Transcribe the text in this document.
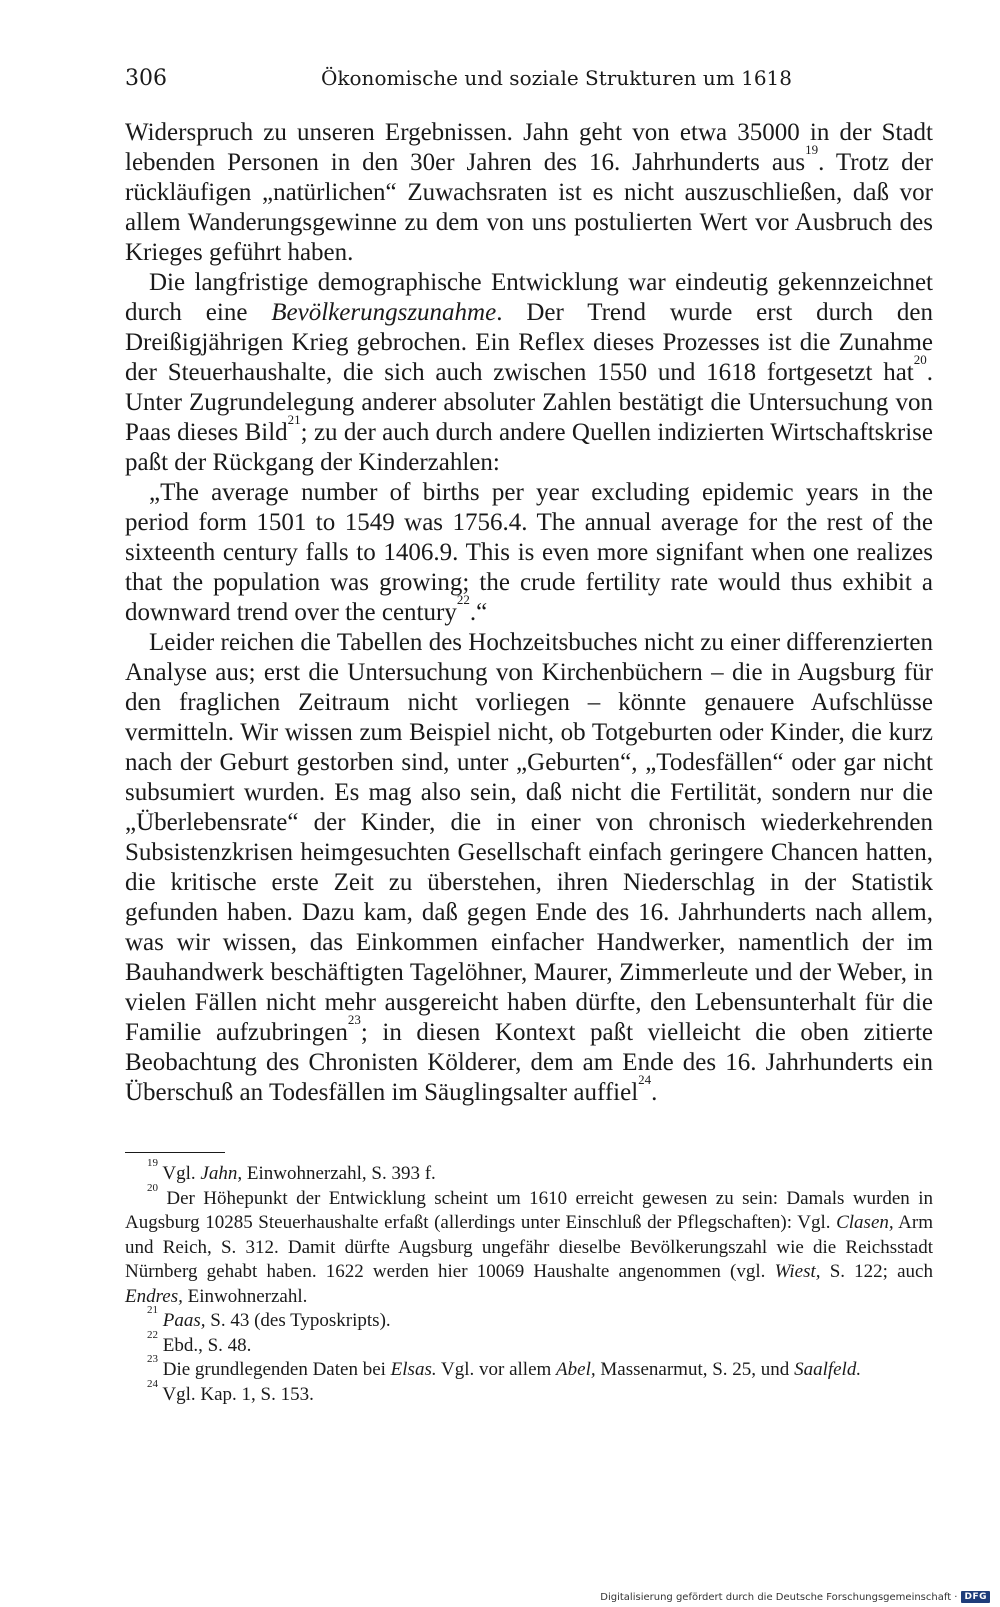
306	Ökonomische und soziale Strukturen um 1618

Widerspruch zu unseren Ergebnissen. Jahn geht von etwa 35000 in der Stadt lebenden Personen in den 30er Jahren des 16. Jahrhunderts aus$^{19}$. Trotz der rückläufigen „natürlichen“ Zuwachsraten ist es nicht auszuschließen, daß vor allem Wanderungsgewinne zu dem von uns postulierten Wert vor Ausbruch des Krieges geführt haben.

Die langfristige demographische Entwicklung war eindeutig gekennzeichnet durch eine Bevölkerungszunahme. Der Trend wurde erst durch den Dreißigjährigen Krieg gebrochen. Ein Reflex dieses Prozesses ist die Zunahme der Steuerhaushalte, die sich auch zwischen 1550 und 1618 fortgesetzt hat$^{20}$. Unter Zugrundelegung anderer absoluter Zahlen bestätigt die Untersuchung von Paas dieses Bild$^{21}$; zu der auch durch andere Quellen indizierten Wirtschaftskrise paßt der Rückgang der Kinderzahlen:

„The average number of births per year excluding epidemic years in the period form 1501 to 1549 was 1756.4. The annual average for the rest of the sixteenth century falls to 1406.9. This is even more signifant when one realizes that the population was growing; the crude fertility rate would thus exhibit a downward trend over the century$^{22}$.“

Leider reichen die Tabellen des Hochzeitsbuches nicht zu einer differenzierten Analyse aus; erst die Untersuchung von Kirchenbüchern – die in Augsburg für den fraglichen Zeitraum nicht vorliegen – könnte genauere Aufschlüsse vermitteln. Wir wissen zum Beispiel nicht, ob Totgeburten oder Kinder, die kurz nach der Geburt gestorben sind, unter „Geburten“, „Todesfällen“ oder gar nicht subsumiert wurden. Es mag also sein, daß nicht die Fertilität, sondern nur die „Überlebensrate“ der Kinder, die in einer von chronisch wiederkehrenden Subsistenzkrisen heimgesuchten Gesellschaft einfach geringere Chancen hatten, die kritische erste Zeit zu überstehen, ihren Niederschlag in der Statistik gefunden haben. Dazu kam, daß gegen Ende des 16. Jahrhunderts nach allem, was wir wissen, das Einkommen einfacher Handwerker, namentlich der im Bauhandwerk beschäftigten Tagelöhner, Maurer, Zimmerleute und der Weber, in vielen Fällen nicht mehr ausgereicht haben dürfte, den Lebensunterhalt für die Familie aufzubringen$^{23}$; in diesen Kontext paßt vielleicht die oben zitierte Beobachtung des Chronisten Kölderer, dem am Ende des 16. Jahrhunderts ein Überschuß an Todesfällen im Säuglingsalter auffiel$^{24}$.

$^{19}$ Vgl. Jahn, Einwohnerzahl, S. 393 f.

$^{20}$ Der Höhepunkt der Entwicklung scheint um 1610 erreicht gewesen zu sein: Damals wurden in Augsburg 10285 Steuerhaushalte erfaßt (allerdings unter Einschluß der Pflegschaften): Vgl. Clasen, Arm und Reich, S. 312. Damit dürfte Augsburg ungefähr dieselbe Bevölkerungszahl wie die Reichsstadt Nürnberg gehabt haben. 1622 werden hier 10069 Haushalte angenommen (vgl. Wiest, S. 122; auch Endres, Einwohnerzahl.

$^{21}$ Paas, S. 43 (des Typoskripts).

$^{22}$ Ebd., S. 48.

$^{23}$ Die grundlegenden Daten bei Elsas. Vgl. vor allem Abel, Massenarmut, S. 25, und Saalfeld.

$^{24}$ Vgl. Kap. 1, S. 153.

Digitalisierung gefördert durch die Deutsche Forschungsgemeinschaft · DFG
